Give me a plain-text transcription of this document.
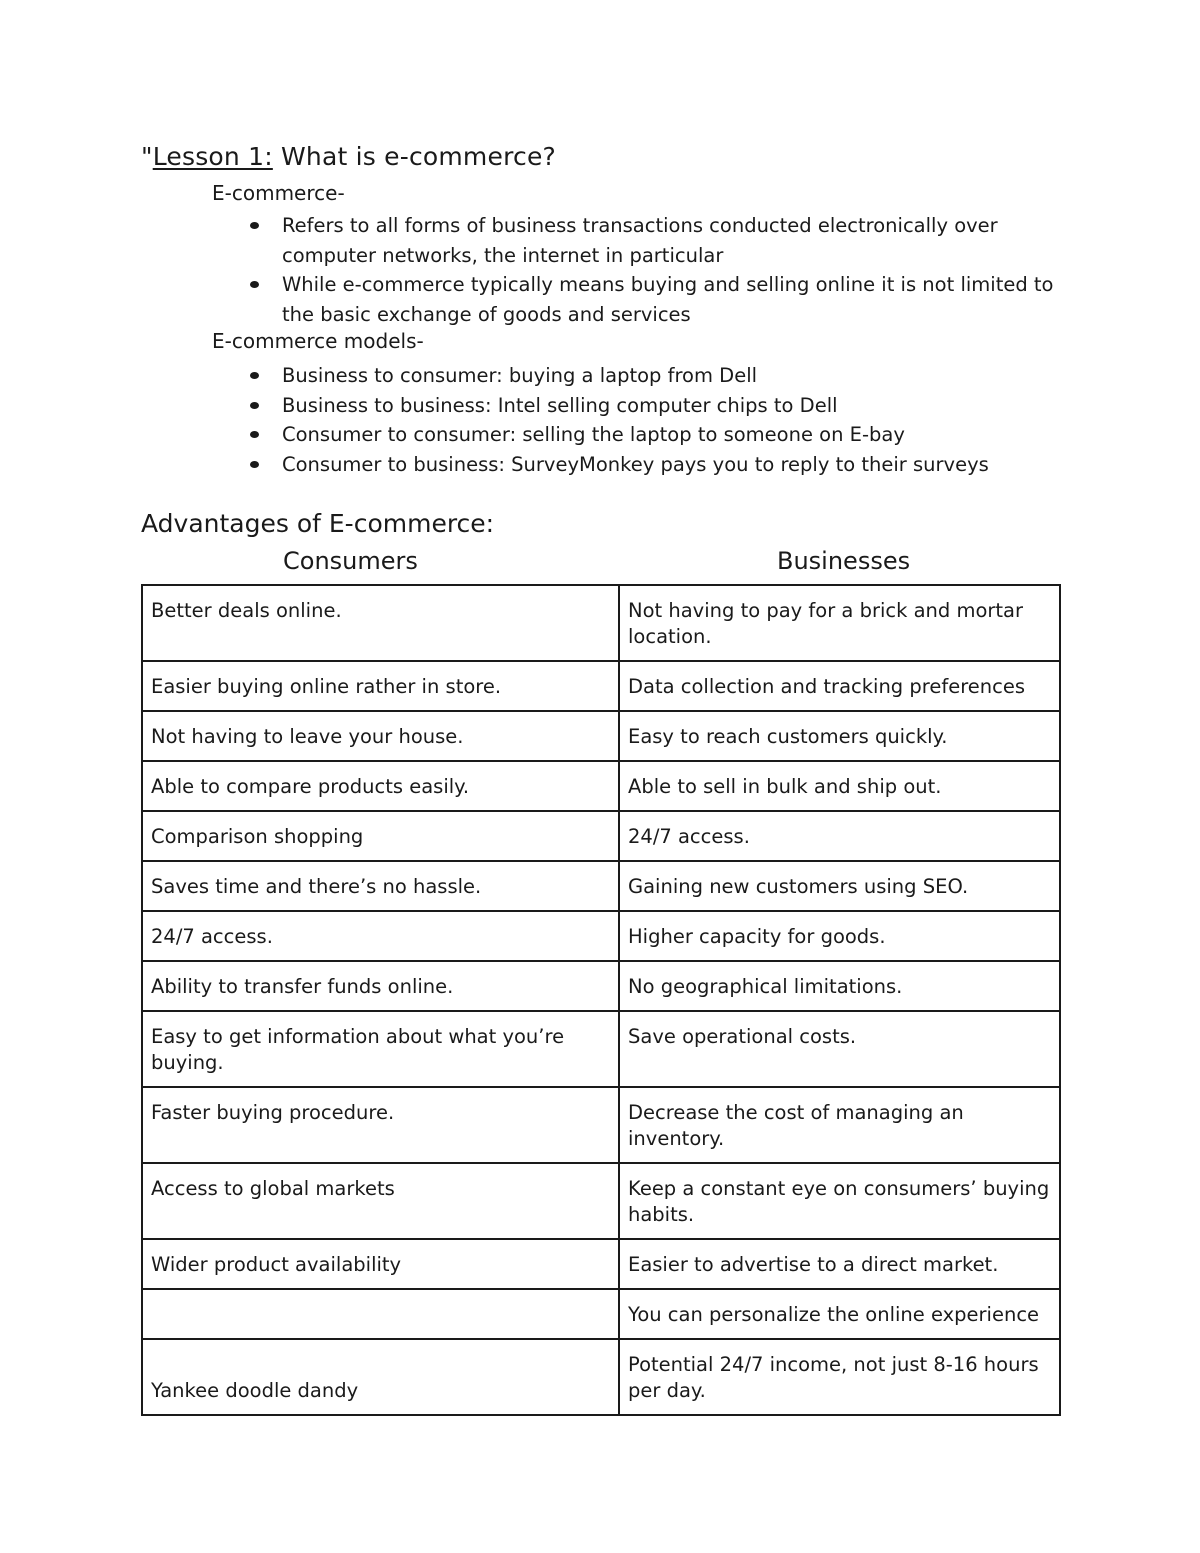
"Lesson 1: What is e-commerce?
E-commerce-
Refers to all forms of business transactions conducted electronically over computer networks, the internet in particular
While e-commerce typically means buying and selling online it is not limited to the basic exchange of goods and services
E-commerce models-
Business to consumer: buying a laptop from Dell
Business to business: Intel selling computer chips to Dell
Consumer to consumer: selling the laptop to someone on E-bay
Consumer to business: SurveyMonkey pays you to reply to their surveys
Advantages of E-commerce:
Consumers	Businesses
Better deals online.	Not having to pay for a brick and mortar location.
Easier buying online rather in store.	Data collection and tracking preferences
Not having to leave your house.	Easy to reach customers quickly.
Able to compare products easily.	Able to sell in bulk and ship out.
Comparison shopping	24/7 access.
Saves time and there’s no hassle.	Gaining new customers using SEO.
24/7 access.	Higher capacity for goods.
Ability to transfer funds online.	No geographical limitations.
Easy to get information about what you’re buying.	Save operational costs.
Faster buying procedure.	Decrease the cost of managing an inventory.
Access to global markets	Keep a constant eye on consumers’ buying habits.
Wider product availability	Easier to advertise to a direct market.
	You can personalize the online experience
Yankee doodle dandy	Potential 24/7 income, not just 8-16 hours per day.
